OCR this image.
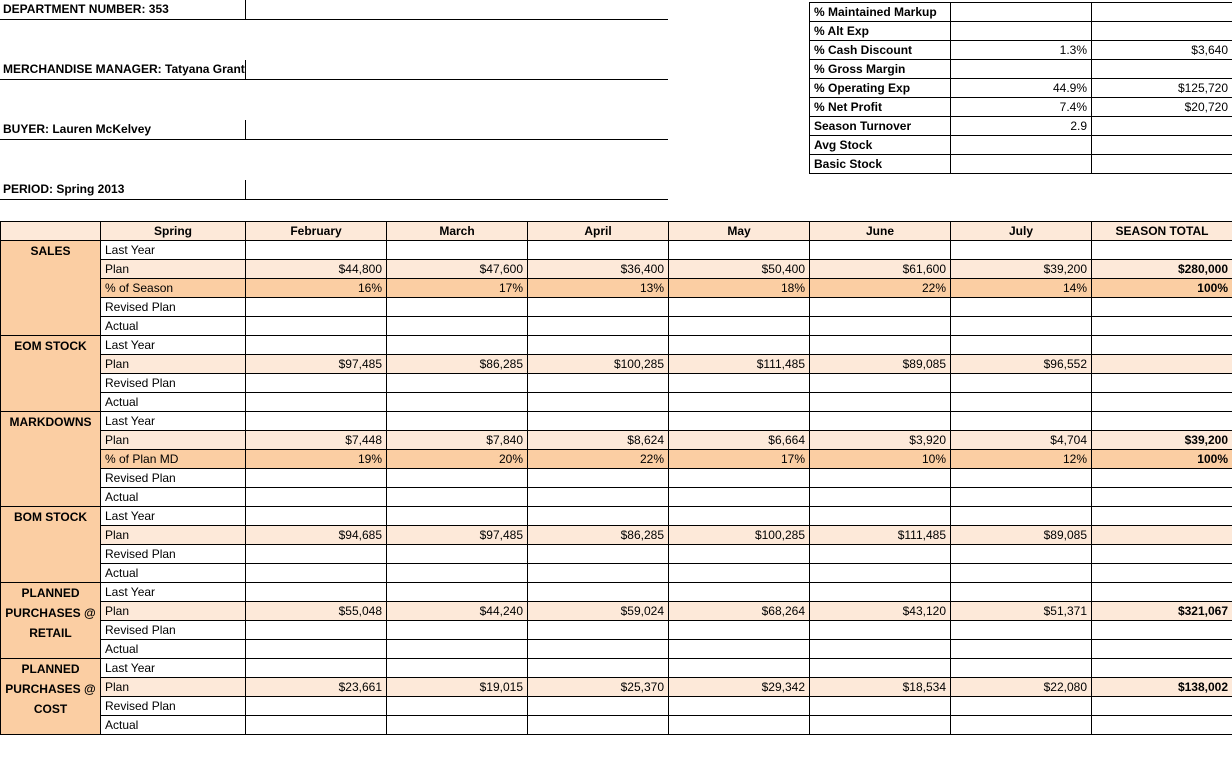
DEPARTMENT NUMBER: 353
MERCHANDISE MANAGER: Tatyana Grant
BUYER: Lauren McKelvey
PERIOD: Spring 2013
% Maintained Markup		
% Alt Exp		
% Cash Discount	1.3%	$3,640
% Gross Margin		
% Operating Exp	44.9%	$125,720
% Net Profit	7.4%	$20,720
Season Turnover	2.9	
Avg Stock		
Basic Stock		
	Spring	February	March	April	May	June	July	SEASON TOTAL
SALES	Last Year							
	Plan	$44,800	$47,600	$36,400	$50,400	$61,600	$39,200	$280,000
	% of Season	16%	17%	13%	18%	22%	14%	100%
	Revised Plan							
	Actual							
EOM STOCK	Last Year							
	Plan	$97,485	$86,285	$100,285	$111,485	$89,085	$96,552	
	Revised Plan							
	Actual							
MARKDOWNS	Last Year							
	Plan	$7,448	$7,840	$8,624	$6,664	$3,920	$4,704	$39,200
	% of Plan MD	19%	20%	22%	17%	10%	12%	100%
	Revised Plan							
	Actual							
BOM STOCK	Last Year							
	Plan	$94,685	$97,485	$86,285	$100,285	$111,485	$89,085	
	Revised Plan							
	Actual							
PLANNED PURCHASES @ RETAIL	Last Year							
	Plan	$55,048	$44,240	$59,024	$68,264	$43,120	$51,371	$321,067
	Revised Plan							
	Actual							
PLANNED PURCHASES @ COST	Last Year							
	Plan	$23,661	$19,015	$25,370	$29,342	$18,534	$22,080	$138,002
	Revised Plan							
	Actual							
